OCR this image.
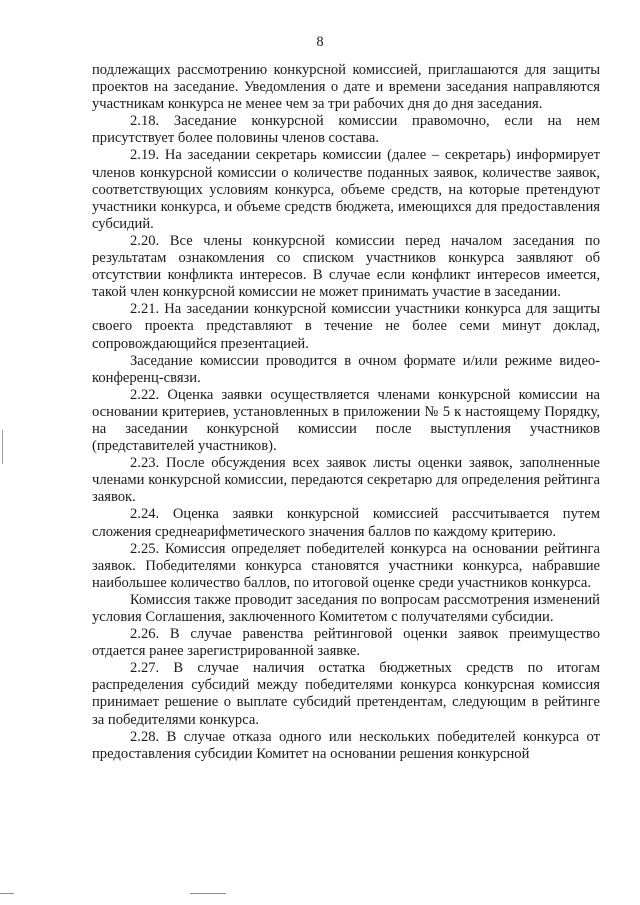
8

подлежащих рассмотрению конкурсной комиссией, приглашаются для защиты проектов на заседание. Уведомления о дате и времени заседания направляются участникам конкурса не менее чем за три рабочих дня до дня заседания.

2.18. Заседание конкурсной комиссии правомочно, если на нем присутствует более половины членов состава.

2.19. На заседании секретарь комиссии (далее – секретарь) информирует членов конкурсной комиссии о количестве поданных заявок, количестве заявок, соответствующих условиям конкурса, объеме средств, на которые претендуют участники конкурса, и объеме средств бюджета, имеющихся для предоставления субсидий.

2.20. Все члены конкурсной комиссии перед началом заседания по результатам ознакомления со списком участников конкурса заявляют об отсутствии конфликта интересов. В случае если конфликт интересов имеется, такой член конкурсной комиссии не может принимать участие в заседании.

2.21. На заседании конкурсной комиссии участники конкурса для защиты своего проекта представляют в течение не более семи минут доклад, сопровождающийся презентацией.

Заседание комиссии проводится в очном формате и/или режиме видео-конференц-связи.

2.22. Оценка заявки осуществляется членами конкурсной комиссии на основании критериев, установленных в приложении № 5 к настоящему Порядку, на заседании конкурсной комиссии после выступления участников (представителей участников).

2.23. После обсуждения всех заявок листы оценки заявок, заполненные членами конкурсной комиссии, передаются секретарю для определения рейтинга заявок.

2.24. Оценка заявки конкурсной комиссией рассчитывается путем сложения среднеарифметического значения баллов по каждому критерию.

2.25. Комиссия определяет победителей конкурса на основании рейтинга заявок. Победителями конкурса становятся участники конкурса, набравшие наибольшее количество баллов, по итоговой оценке среди участников конкурса.

Комиссия также проводит заседания по вопросам рассмотрения изменений условия Соглашения, заключенного Комитетом с получателями субсидии.

2.26. В случае равенства рейтинговой оценки заявок преимущество отдается ранее зарегистрированной заявке.

2.27. В случае наличия остатка бюджетных средств по итогам распределения субсидий между победителями конкурса конкурсная комиссия принимает решение о выплате субсидий претендентам, следующим в рейтинге за победителями конкурса.

2.28. В случае отказа одного или нескольких победителей конкурса от предоставления субсидии Комитет на основании решения конкурсной
